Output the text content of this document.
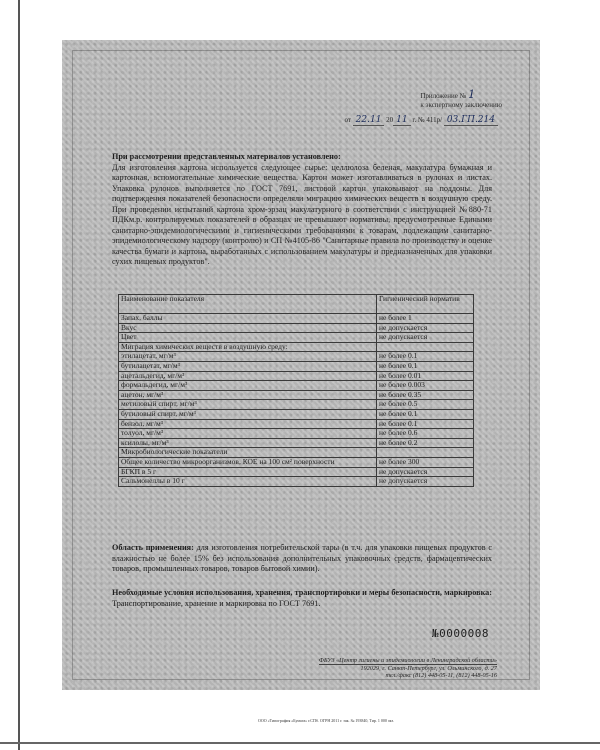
Приложение № 1
к экспертному заключению
от 22.11 20 11 г. № 411р/ 03.ГП.214

При рассмотрении представленных материалов установлено:

Для изготовления картона используется следующее сырье: целлюлоза беленая, макулатура бумажная и картонная, вспомогательные химические вещества. Картон может изготавливаться в рулонах и листах. Упаковка рулонов выполняется по ГОСТ 7691, листовой картон упаковывают на поддоны. Для подтверждения показателей безопасности определяли миграцию химических веществ в воздушную среду. При проведении испытаний картона хром-эрзац макулатурного в соответствии с инструкцией №880-71 ПДКм.р. контролируемых показателей в образцах не превышают нормативы, предусмотренные Едиными санитарно-эпидемиологическими и гигиеническими требованиями к товарам, подлежащим санитарно-эпидемиологическому надзору (контролю) и СП №4105-86 "Санитарные правила по производству и оценке качества бумаги и картона, выработанных с использованием макулатуры и предназначенных для упаковки сухих пищевых продуктов".

Наименование показателя	Гигиенический норматив
Запах, баллы	не более 1
Вкус	не допускается
Цвет	не допускается
Миграция химических веществ в воздушную среду:	
этилацетат, мг/м³	не более 0.1
бутилацетат, мг/м³	не более 0.1
ацетальдегид, мг/м³	не более 0.01
формальдегид, мг/м³	не более 0.003
ацетон, мг/м³	не более 0.35
метиловый спирт, мг/м³	не более 0.5
бутиловый спирт, мг/м³	не более 0.1
бензол, мг/м³	не более 0.1
толуол, мг/м³	не более 0.6
ксилолы, мг/м³	не более 0.2
Микробиологические показатели	
Общее количество микроорганизмов, КОЕ на 100 см² поверхности	не более 300
БГКП в 5 г	не допускается
Сальмонеллы в 10 г	не допускается
Область применения: для изготовления потребительской тары (в т.ч. для упаковки пищевых продуктов с влажностью не более 15% без использования дополнительных упаковочных средств, фармацевтических товаров, промышленных товаров, товаров бытовой химии).
Необходимые условия использования, хранения, транспортировки и меры безопасности, маркировка: Транспортирование, хранение и маркировка по ГОСТ 7691.
№0000008
ФБУЗ «Центр гигиены и эпидемиологии в Ленинградской области»
192029, г. Санкт-Петербург, ул. Ольминского, д. 27
тел./факс (812) 448-05-11, (812) 448-05-16
ООО «Типография «Бумага» г.СПб. ОГРН 2011 г. зак. № 193840, Тир. 1 000 экз.
